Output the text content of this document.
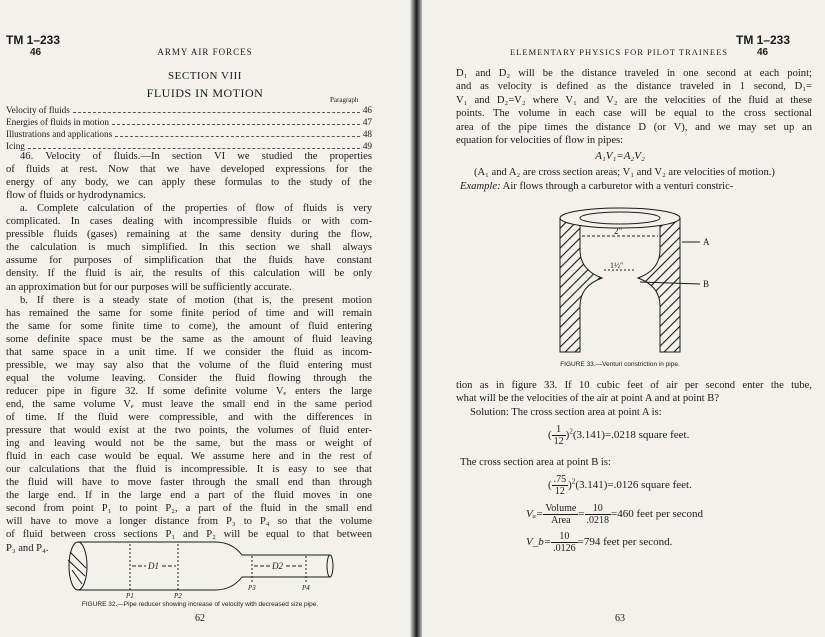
TM 1–233
46	ARMY AIR FORCES
SECTION VIII
FLUIDS IN MOTION	Paragraph
Velocity of fluids	46
Energies of fluids in motion	47
Illustrations and applications	48
Icing	49
46. Velocity of fluids.—In section VI we studied the properties
of fluids at rest. Now that we have developed expressions for the
energy of any body, we can apply these formulas to the study of the
flow of fluids or hydrodynamics.
a. Complete calculation of the properties of flow of fluids is very
complicated. In cases dealing with incompressible fluids or with com-
pressible fluids (gases) remaining at the same density during the flow,
the calculation is much simplified. In this section we shall always
assume for purposes of simplification that the fluids have constant
density. If the fluid is air, the results of this calculation will be only
an approximation but for our purposes will be sufficiently accurate.
b. If there is a steady state of motion (that is, the present motion
has remained the same for some finite period of time and will remain
the same for some finite time to come), the amount of fluid entering
some definite space must be the same as the amount of fluid leaving
that same space in a unit time. If we consider the fluid as incom-
pressible, we may say also that the volume of the fluid entering must
equal the volume leaving. Consider the fluid flowing through the
reducer pipe in figure 32. If some definite volume Vₑ enters the large
end, the same volume Vₑ must leave the small end in the same period
of time. If the fluid were compressible, and with the differences in
pressure that would exist at the two points, the volumes of fluid enter-
ing and leaving would not be the same, but the mass or weight of
fluid in each case would be equal. We assume here and in the rest of
our calculations that the fluid is incompressible. It is easy to see that
the fluid will have to move faster through the small end than through
the large end. If in the large end a part of the fluid moves in one
second from point P₁ to point P₂, a part of the fluid in the small end
will have to move a longer distance from P₃ to P₄ so that the volume
of fluid between cross sections P₁ and P₂ will be equal to that between
P₃ and P₄.
D1	D2
P1	P2
P3	P4
FIGURE 32.—Pipe reducer showing increase of velocity with decreased size pipe.
62
TM 1–233
46
ELEMENTARY PHYSICS FOR PILOT TRAINEES
D₁ and D₂ will be the distance traveled in one second at each point;
and as velocity is defined as the distance traveled in 1 second, D₁=
V₁ and D₂=V₂ where V₁ and V₂ are the velocities of the fluid at these
points. The volume in each case will be equal to the cross sectional
area of the pipe times the distance D (or V), and we may set up an
equation for velocities of flow in pipes:
A₁V₁=A₂V₂
(A₁ and A₂ are cross section areas; V₁ and V₂ are velocities of motion.)
Example: Air flows through a carburetor with a venturi constric-
2"
1½"
A
B
FIGURE 33.—Venturi constriction in pipe.
tion as in figure 33. If 10 cubic feet of air per second enter the tube,
what will be the velocities of the air at point A and at point B?
Solution: The cross section area at point A is:
( $\frac{1}{12} )^2(3.141)=.0218$ square feet.
The cross section area at point B is:
( $\frac{.75}{12} )^2(3.141)=.0126$ square feet.
$V_a= \frac{\text{Volume}}{\text{Area}} = \frac{10}{.0218} =460$ feet per second
V_b= $\frac{10}{.0126} =794$ feet per second.
63
